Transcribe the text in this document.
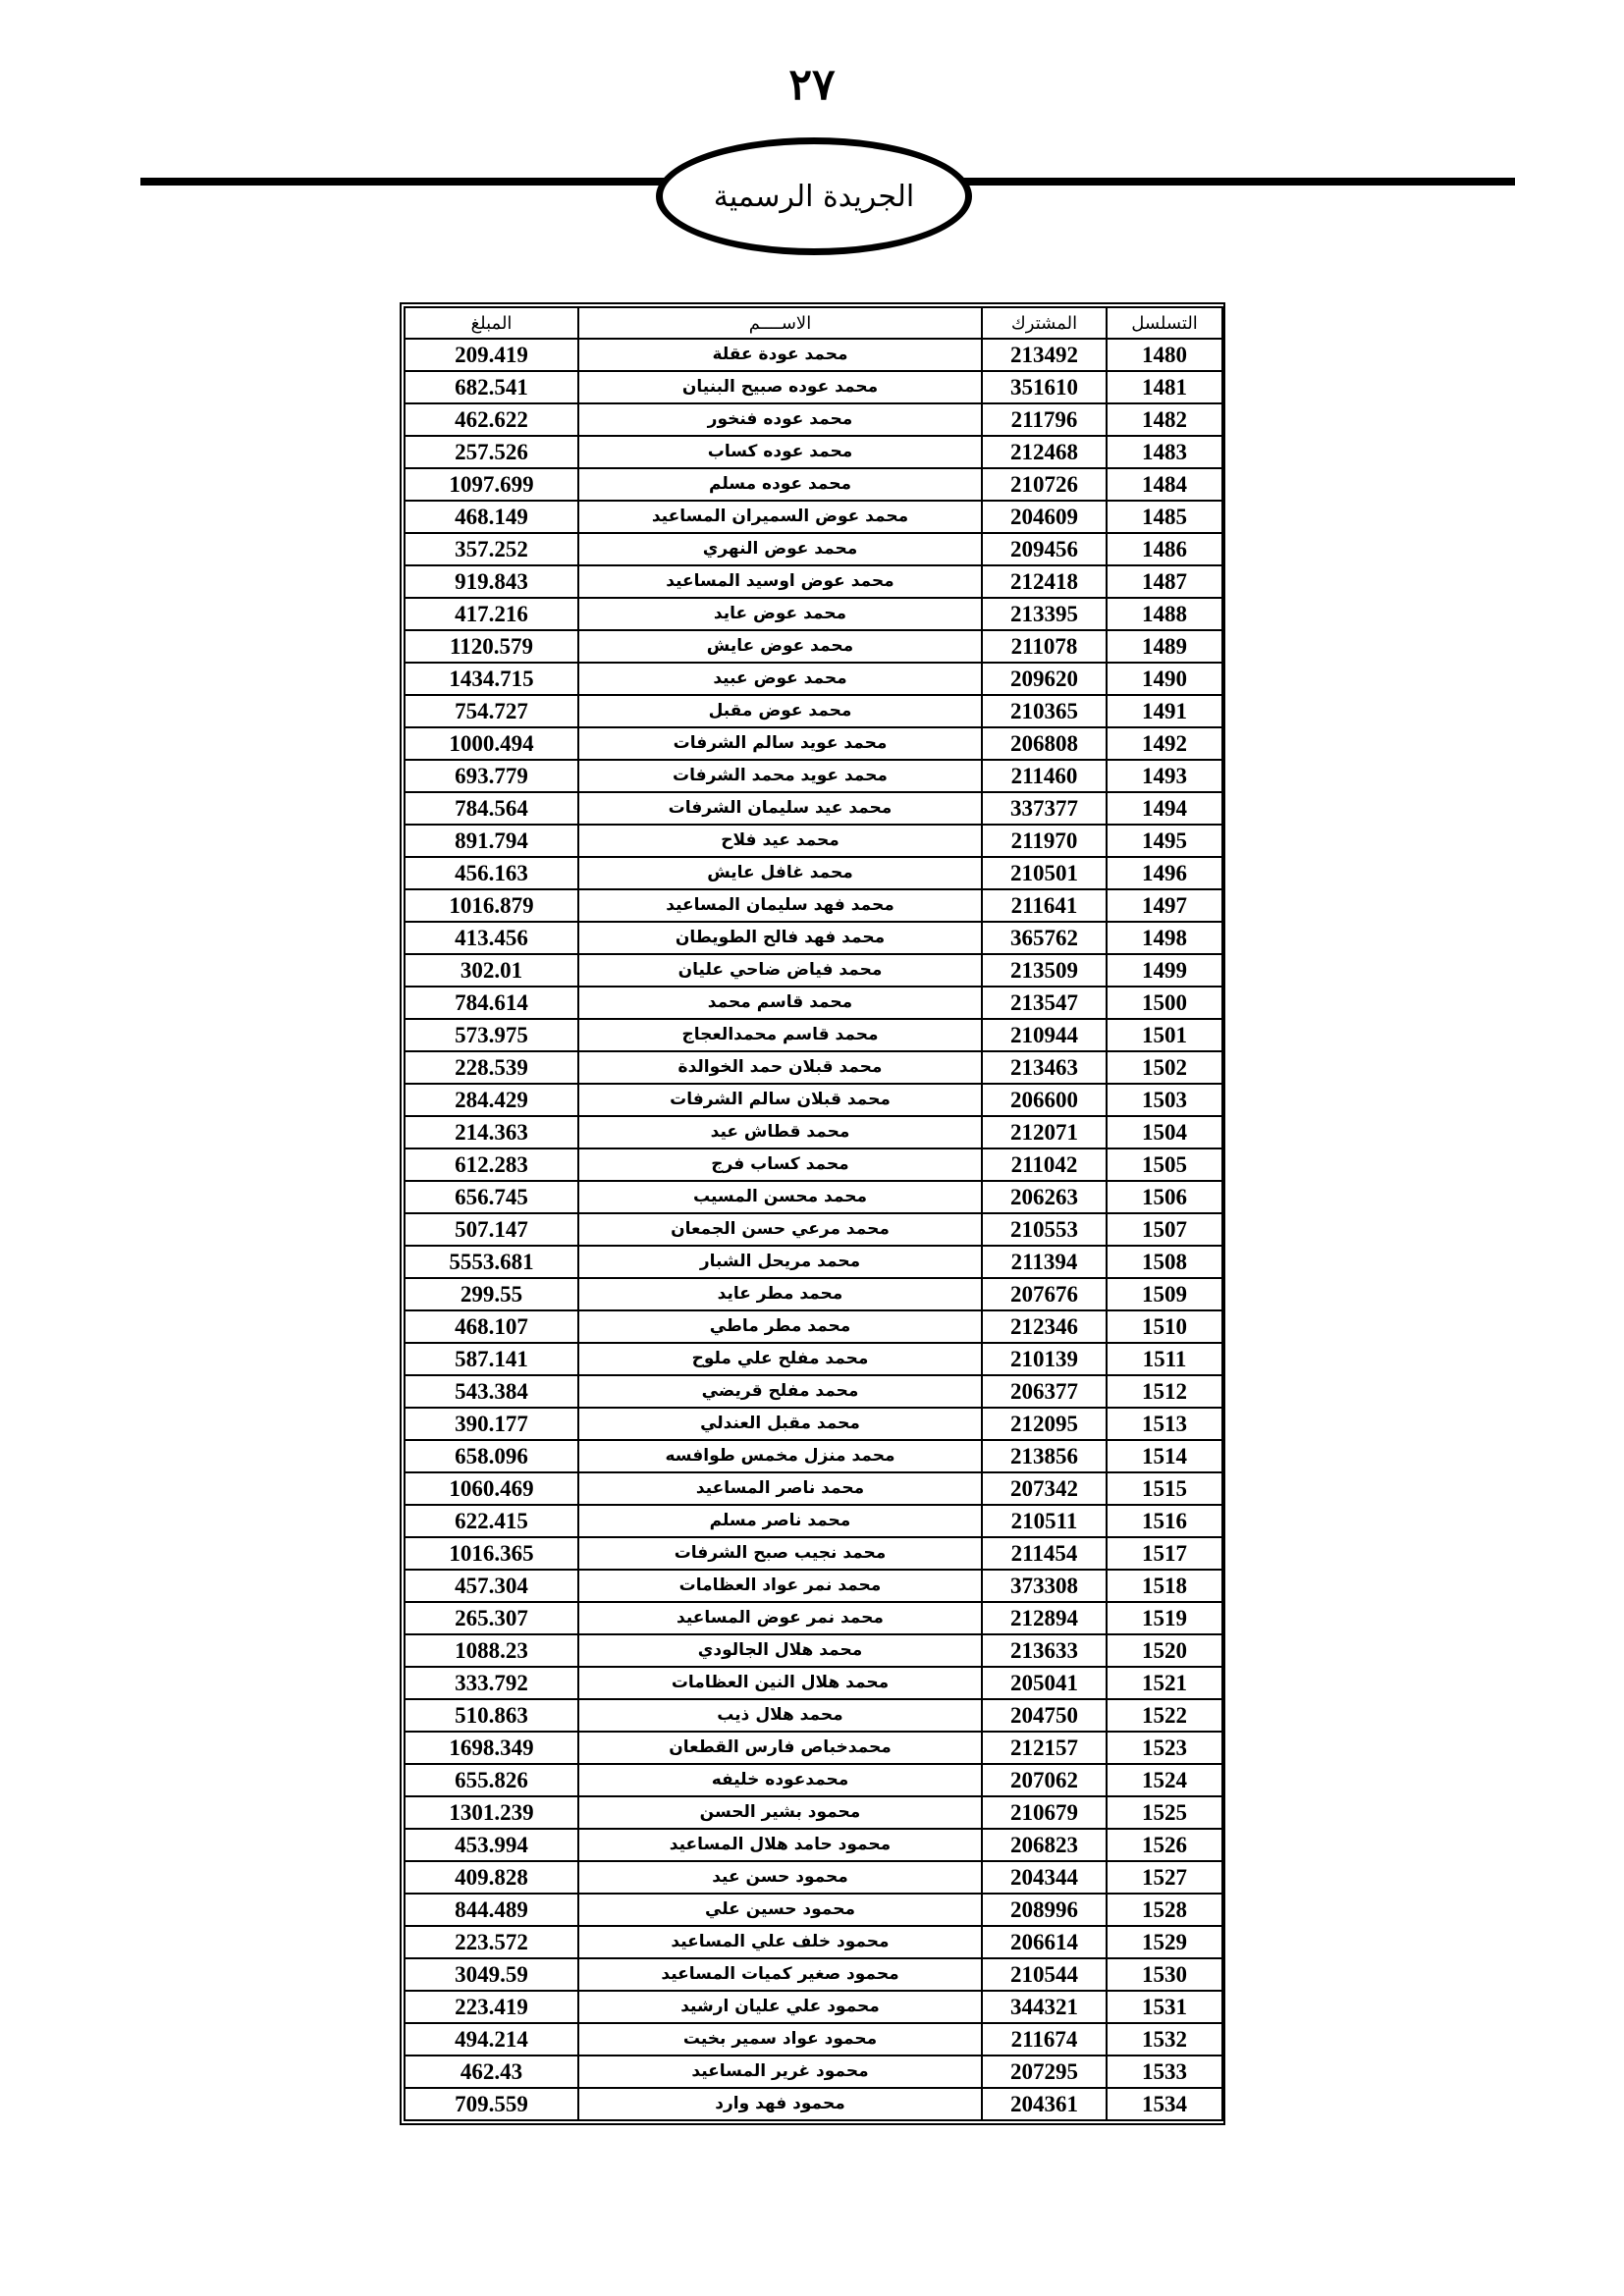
٢٧
الجريدة الرسمية
التسلسل	المشترك	الاســــم	المبلغ
1480	213492	محمد عودة عقلة	209.419
1481	351610	محمد عوده صبيح البنيان	682.541
1482	211796	محمد عوده فنخور	462.622
1483	212468	محمد عوده كساب	257.526
1484	210726	محمد عوده مسلم	1097.699
1485	204609	محمد عوض السميران المساعيد	468.149
1486	209456	محمد عوض النهري	357.252
1487	212418	محمد عوض اوسيد المساعيد	919.843
1488	213395	محمد عوض عايد	417.216
1489	211078	محمد عوض عايش	1120.579
1490	209620	محمد عوض عبيد	1434.715
1491	210365	محمد عوض مقبل	754.727
1492	206808	محمد عويد سالم الشرفات	1000.494
1493	211460	محمد عويد محمد الشرفات	693.779
1494	337377	محمد عيد سليمان الشرفات	784.564
1495	211970	محمد عيد فلاح	891.794
1496	210501	محمد غافل عايش	456.163
1497	211641	محمد فهد سليمان المساعيد	1016.879
1498	365762	محمد فهد فالح الطويطان	413.456
1499	213509	محمد فياض ضاحي عليان	302.01
1500	213547	محمد قاسم محمد	784.614
1501	210944	محمد قاسم محمدالعجاج	573.975
1502	213463	محمد قبلان حمد الخوالدة	228.539
1503	206600	محمد قبلان سالم الشرفات	284.429
1504	212071	محمد قطاش عيد	214.363
1505	211042	محمد كساب فرج	612.283
1506	206263	محمد محسن المسيب	656.745
1507	210553	محمد مرعي حسن الجمعان	507.147
1508	211394	محمد مريحل الشبار	5553.681
1509	207676	محمد مطر عايد	299.55
1510	212346	محمد مطر ماطي	468.107
1511	210139	محمد مفلح علي ملوح	587.141
1512	206377	محمد مفلح قريضي	543.384
1513	212095	محمد مقبل العندلي	390.177
1514	213856	محمد منزل مخمس طوافسه	658.096
1515	207342	محمد ناصر المساعيد	1060.469
1516	210511	محمد ناصر مسلم	622.415
1517	211454	محمد نجيب صبح الشرفات	1016.365
1518	373308	محمد نمر عواد العظامات	457.304
1519	212894	محمد نمر عوض المساعيد	265.307
1520	213633	محمد هلال الجالودي	1088.23
1521	205041	محمد هلال النين العظامات	333.792
1522	204750	محمد هلال ذيب	510.863
1523	212157	محمدخباص فارس القطعان	1698.349
1524	207062	محمدعوده خليفه	655.826
1525	210679	محمود بشير الحسن	1301.239
1526	206823	محمود حامد هلال المساعيد	453.994
1527	204344	محمود حسن عيد	409.828
1528	208996	محمود حسين علي	844.489
1529	206614	محمود خلف علي المساعيد	223.572
1530	210544	محمود صغير كميات المساعيد	3049.59
1531	344321	محمود علي عليان ارشيد	223.419
1532	211674	محمود عواد سمير بخيت	494.214
1533	207295	محمود غرير المساعيد	462.43
1534	204361	محمود فهد وارد	709.559
